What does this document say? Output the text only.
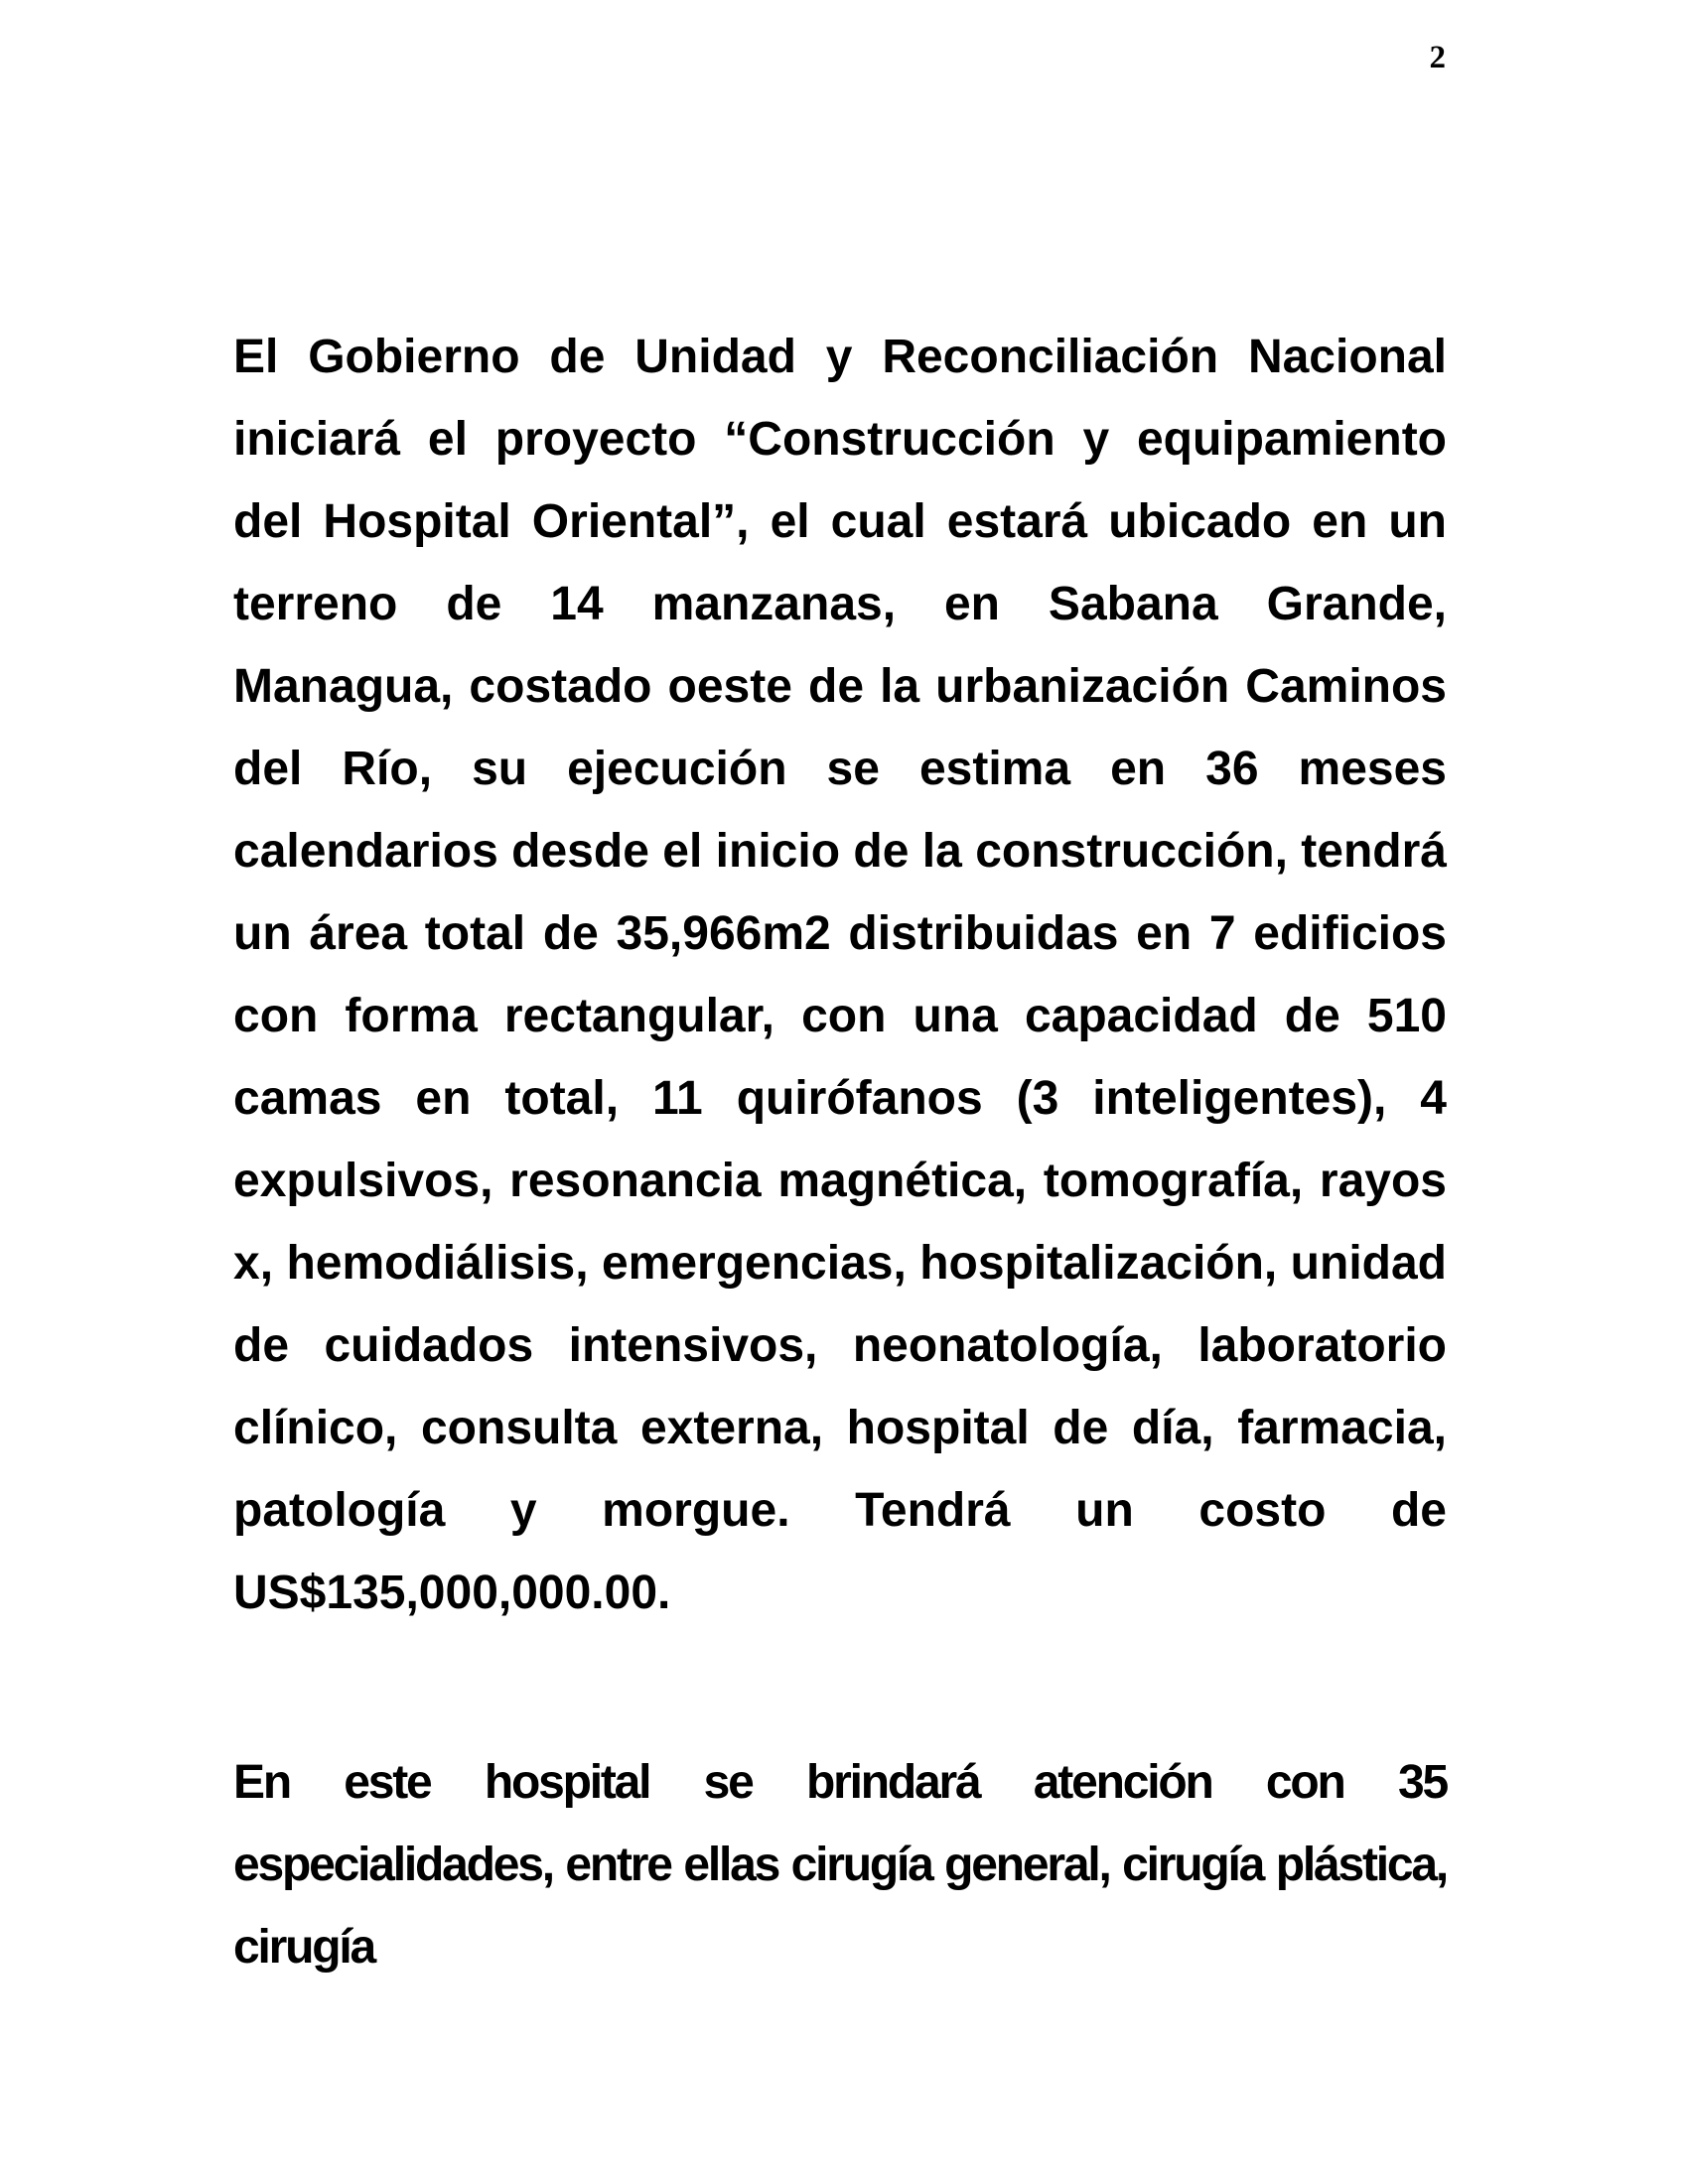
2

El Gobierno de Unidad y Reconciliación Nacional iniciará el proyecto “Construcción y equipamiento del Hospital Oriental”, el cual estará ubicado en un terreno de 14 manzanas, en Sabana Grande, Managua, costado oeste de la urbanización Caminos del Río, su ejecución se estima en 36 meses calendarios desde el inicio de la construcción, tendrá un área total de 35,966m2 distribuidas en 7 edificios con forma rectangular, con una capacidad de 510 camas en total, 11 quirófanos (3 inteligentes), 4 expulsivos, resonancia magnética, tomografía, rayos x, hemodiálisis, emergencias, hospitalización, unidad de cuidados intensivos, neonatología, laboratorio clínico, consulta externa, hospital de día, farmacia, patología y morgue. Tendrá un costo de US$135,000,000.00.

En este hospital se brindará atención con 35 especialidades, entre ellas cirugía general, cirugía plástica, cirugía
